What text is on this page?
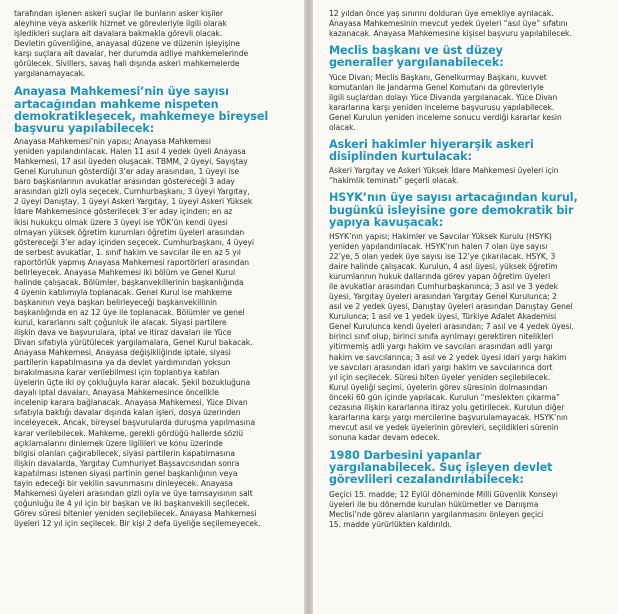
tarafından işlenen askeri suçlar ile bunların asker kişiler
aleyhine veya askerlik hizmet ve görevleriyle ilgili olarak
işledikleri suçlara ait davalara bakmakla görevli olacak.
Devletin güvenliğine, anayasal düzene ve düzenin işleyişine
karşı suçlara ait davalar, her durumda adliye mahkemelerinde
görülecek. Sivillers, savaş hali dışında askeri mahkemelerde
yargılanamayacak.

Anayasa Mahkemesi’nin üye sayısı
artacağından mahkeme nispeten
demokratikleşecek, mahkemeye bireysel
başvuru yapılabilecek:

Anayasa Mahkemesi’nin yapısı; Anayasa Mahkemesi
yeniden yapılandırılacak. Halen 11 asıl 4 yedek üyeli Anayasa
Mahkemesi, 17 asıl üyeden oluşacak. TBMM, 2 üyeyi, Sayıştay
Genel Kurulunun gösterdiği 3’er aday arasından, 1 üyeyi ise
baro başkanlarının avukatlar arasından göstereceği 3 aday
arasından gizli oyla seçecek. Cumhurbaşkanı, 3 üyeyi Yargıtay,
2 üyeyi Danıştay, 1 üyeyi Askeri Yargıtay, 1 üyeyi Askeri Yüksek
İdare Mahkemesince gösterilecek 3’er aday içinden; en az
ikisi hukukçu olmak üzere 3 üyeyi ise YÖK’ün kendi üyesi
olmayan yüksek öğretim kurumları öğretim üyeleri arasından
göstereceği 3’er aday içinden seçecek. Cumhurbaşkanı, 4 üyeyi
de serbest avukatlar, 1. sınıf hakim ve savcılar ile en az 5 yıl
raportörlük yapmış Anayasa Mahkemesi raportörleri arasından
belirleyecek. Anayasa Mahkemesi iki bölüm ve Genel Kurul
halinde çalışacak. Bölümler, başkanvekillerinin başkanlığında
4 üyenin katılımıyla toplanacak. Genel Kurul ise mahkeme
başkanının veya başkan belirleyeceği başkanvekillinin
başkanlığında en az 12 üye ile toplanacak. Bölümler ve genel
kurul, kararlarını salt çoğunluk ile alacak. Siyasi partilere
ilişkin dava ve başvurulara, iptal ve itiraz davaları ile Yüce
Divan sıfatıyla yürütülecek yargılamalara, Genel Kurul bakacak.
Anayasa Mahkemesi, Anayasa değişikliğinde iptale, siyasi
partilerin kapatılmasına ya da devlet yardımından yoksun
bırakılmasına karar verilebilmesi için toplantıya katılan
üyelerin üçte iki oy çokluğuyla karar alacak. Şekil bozukluğuna
dayalı iptal davaları, Anayasa Mahkemesince öncelikle
incelenip karara bağlanacak. Anayasa Mahkemesi, Yüce Divan
sıfatıyla baktığı davalar dışında kalan işleri, dosya üzerinden
inceleyecek. Ancak, bireysel başvurularda duruşma yapılmasına
karar verilebilecek. Mahkeme, gerekli gördüğü hallerde sözlü
açıklamalarını dinlemek üzere ilgilileri ve konu üzerinde
bilgisi olanları çağırabilecek, siyasi partilerin kapatılmasına
ilişkin davalarda, Yargıtay Cumhuriyet Başsavcısından sonra
kapatılması istenen siyasi partinin genel başkanlığının veya
tayin edeceği bir vekilin savunmasını dinleyecek. Anayasa
Mahkemesi üyeleri arasından gizli oyla ve üye tamsayısının salt
çoğunluğu ile 4 yıl için bir başkan ve iki başkanvekili seçilecek.
Görev süresi bitenler yeniden seçilebilecek. Anayasa Mahkemesi
üyeleri 12 yıl için seçilecek. Bir kişi 2 defa üyeliğe seçilemeyecek.

12 yıldan önce yaş sınırını dolduran üye emekliye ayrılacak.
Anayasa Mahkemesinin mevcut yedek üyeleri “asıl üye” sıfatını
kazanacak. Anayasa Mahkemesine kişisel başvuru yapılabilecek.

Meclis başkanı ve üst düzey
generaller yargılanabilecek:

Yüce Divan; Meclis Başkanı, Genelkurmay Başkanı, kuvvet
komutanları ile Jandarma Genel Komutanı da görevleriyle
ilgili suçlardan dolayı Yüce Divanda yargılanacak. Yüce Divan
kararlarına karşı yeniden inceleme başvurusu yapılabilecek.
Genel Kurulun yeniden inceleme sonucu verdiği kararlar kesin
olacak.

Askeri hakimler hiyerarşik askeri
disiplinden kurtulacak:

Askeri Yargıtay ve Askeri Yüksek İdare Mahkemesi üyeleri için
“hakimlik teminatı” geçerli olacak.

HSYK’nın üye sayısı artacağından kurul,
bugünkü isleyisine gore demokratik bir
yapıya kavuşacak:

HSYK’nın yapısı; Hakimler ve Savcılar Yüksek Kurulu (HSYK)
yeniden yapılandırılacak. HSYK’nın halen 7 olan üye sayısı
22’ye, 5 olan yedek üye sayısı ise 12’ye çıkarılacak. HSYK, 3
daire halinde çalışacak. Kurulun, 4 asıl üyesi, yüksek öğretim
kurumlarının hukuk dallarında görev yapan öğretim üyeleri
ile avukatlar arasından Cumhurbaşkanınca; 3 asıl ve 3 yedek
üyesi, Yargıtay üyeleri arasından Yargıtay Genel Kurulunca; 2
asıl ve 2 yedek üyesi, Danıştay üyeleri arasından Danıştay Genel
Kurulunca; 1 asıl ve 1 yedek üyesi, Türkiye Adalet Akademisi
Genel Kurulunca kendi üyeleri arasından; 7 asıl ve 4 yedek üyesi,
birinci sınıf olup, birinci sınıfa ayrılmayı gerektiren nitelikleri
yitirmemiş adli yargı hakim ve savcıları arasından adli yargı
hakim ve savcılarınca; 3 asıl ve 2 yedek üyesi idari yargı hakim
ve savcıları arasından idari yargı hakim ve savcılarınca dort
yıl için seçilecek. Süresi biten üyeler yeniden seçilebilecek.
Kurul üyeliği seçimi, üyelerin görev süresinin dolmasından
önceki 60 gün içinde yapılacak. Kurulun “meslekten çıkarma”
cezasına ilişkin kararlarına itiraz yolu getirilecek. Kurulun diğer
kararlarına karşı yargı mercilerine başvurulamayacak. HSYK’nın
mevcut asıl ve yedek üyelerinin görevleri, seçildikleri sürenin
sonuna kadar devam edecek.

1980 Darbesini yapanlar
yargılanabilecek. Suç işleyen devlet
görevlileri cezalandırılabilecek:

Geçici 15. madde; 12 Eylül döneminde Milli Güvenlik Konseyi
üyeleri ile bu dönemde kurulan hükümetler ve Danışma
Meclisi’nde görev alanların yargılanmasını önleyen geçici
15. madde yürürlükten kaldırıldı.
